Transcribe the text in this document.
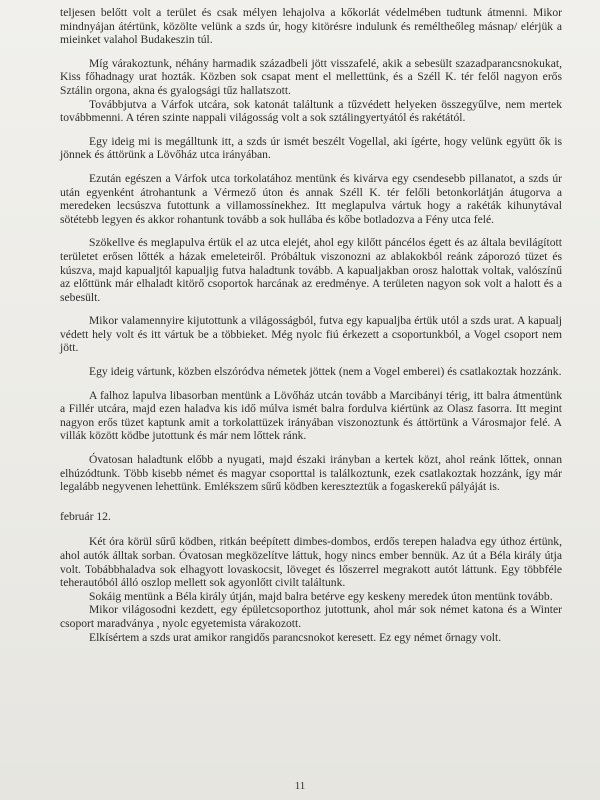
teljesen belőtt volt a terület és csak mélyen lehajolva a kőkorlát védelmében tudtunk átmenni. Mikor mindnyájan átértünk, közölte velünk a szds úr, hogy kitörésre indulunk és reméltheőleg másnap/ elérjük a mieinket valahol Budakeszin túl.

Míg várakoztunk, néhány harmadik századbeli jött visszafelé, akik a sebesült szazadparancsnokukat, Kiss főhadnagy urat hozták. Közben sok csapat ment el mellettünk, és a Széll K. tér felől nagyon erős Sztálin orgona, akna és gyalogsági tűz hallatszott.

Továbbjutva a Várfok utcára, sok katonát találtunk a tűzvédett helyeken összegyűlve, nem mertek továbbmenni. A téren szinte nappali világosság volt a sok sztálingyertyától és rakétától.

Egy ideig mi is megálltunk itt, a szds úr ismét beszélt Vogellal, aki ígérte, hogy velünk együtt ők is jönnek és áttörünk a Lövőház utca irányában.

Ezután egészen a Várfok utca torkolatához mentünk és kivárva egy csendesebb pillanatot, a szds úr után egyenként átrohantunk a Vérmező úton és annak Széll K. tér felőli betonkorlátján átugorva a meredeken lecsúszva futottunk a villamossínekhez. Itt meglapulva vártuk hogy a rakéták kihunytával sötétebb legyen és akkor rohantunk tovább a sok hullába és kőbe botladozva a Fény utca felé.

Szökellve és meglapulva értük el az utca elejét, ahol egy kilőtt páncélos égett és az általa bevilágított területet erősen lőtték a házak emeleteiről. Próbáltuk viszonozni az ablakokból reánk záporozó tüzet és kúszva, majd kapualjtól kapualjig futva haladtunk tovább. A kapualjakban orosz halottak voltak, valószínű az előttünk már elhaladt kitörő csoportok harcának az eredménye. A területen nagyon sok volt a halott és a sebesült.

Mikor valamennyire kijutottunk a világosságból, futva egy kapualjba értük utól a szds urat. A kapualj védett hely volt és itt vártuk be a többieket. Még nyolc fiú érkezett a csoportunkból, a Vogel csoport nem jött.

Egy ideig vártunk, közben elszóródva németek jöttek (nem a Vogel emberei) és csatlakoztak hozzánk.

A falhoz lapulva libasorban mentünk a Lövőház utcán tovább a Marcibányi térig, itt balra átmentünk a Fillér utcára, majd ezen haladva kis idő múlva ismét balra fordulva kiértünk az Olasz fasorra. Itt megint nagyon erős tüzet kaptunk amit a torkolattüzek irányában viszonoztunk és áttörtünk a Városmajor felé. A villák között ködbe jutottunk és már nem lőttek ránk.

Óvatosan haladtunk előbb a nyugati, majd északi irányban a kertek közt, ahol reánk lőttek, onnan elhúzódtunk. Több kisebb német és magyar csoporttal is találkoztunk, ezek csatlakoztak hozzánk, így már legalább negyvenen lehettünk. Emlékszem sűrű ködben kereszteztük a fogaskerekű pályáját is.

február 12.

Két óra körül sűrű ködben, ritkán beépített dimbes-dombos, erdős terepen haladva egy úthoz értünk, ahol autók álltak sorban. Óvatosan megközelítve láttuk, hogy nincs ember bennük. Az út a Béla király útja volt. Tobábbhaladva sok elhagyott lovaskocsit, löveget és lőszerrel megrakott autót láttunk. Egy többféle teherautóból álló oszlop mellett sok agyonlőtt civilt találtunk.

Sokáig mentünk a Béla király útján, majd balra betérve egy keskeny meredek úton mentünk tovább.

Mikor világosodni kezdett, egy épületcsoporthoz jutottunk, ahol már sok német katona és a Winter csoport maradványa , nyolc egyetemista várakozott.

Elkísértem a szds urat amikor rangidős parancsnokot keresett. Ez egy német őrnagy volt.

11
